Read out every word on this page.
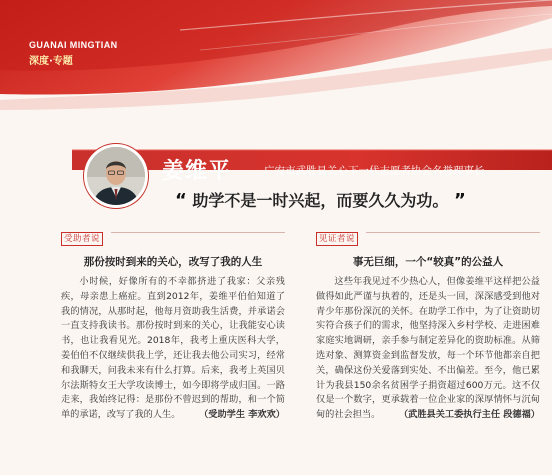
GUANAI MINGTIAN
深度·专题
姜维平	广安市武胜县关心下一代志愿者协会名誉理事长
“ 助学不是一时兴起，而要久久为功。 ”
受助者说
那份按时到来的关心，改写了我的人生
小时候，好像所有的不幸都挤进了我家：父亲残疾，母亲患上癌症。直到2012年，姜维平伯伯知道了我的情况，从那时起，他每月资助我生活费，并承诺会一直支持我读书。那份按时到来的关心，让我能安心读书，也让我看见光。2018年，我考上重庆医科大学，姜伯伯不仅继续供我上学，还让我去他公司实习，经常和我聊天，问我未来有什么打算。后来，我考上英国贝尔法斯特女王大学攻读博士，如今即将学成归国。一路走来，我始终记得：是那份不曾迟到的帮助，和一个简单的承诺，改写了我的人生。	（受助学生 李欢欢）
见证者说
事无巨细，一个“较真”的公益人
这些年我见过不少热心人，但像姜维平这样把公益做得如此严谨与执着的，还是头一回，深深感受到他对青少年那份深沉的关怀。在助学工作中，为了让资助切实符合孩子们的需求，他坚持深入乡村学校、走进困难家庭实地调研，亲手参与制定差异化的资助标准。从筛选对象、测算资金到监督发放，每一个环节他都亲自把关，确保这份关爱落到实处、不出偏差。至今，他已累计为我县150余名贫困学子捐资超过600万元。这不仅仅是一个数字，更承载着一位企业家的深厚情怀与沉甸甸的社会担当。	（武胜县关工委执行主任 段德福）
